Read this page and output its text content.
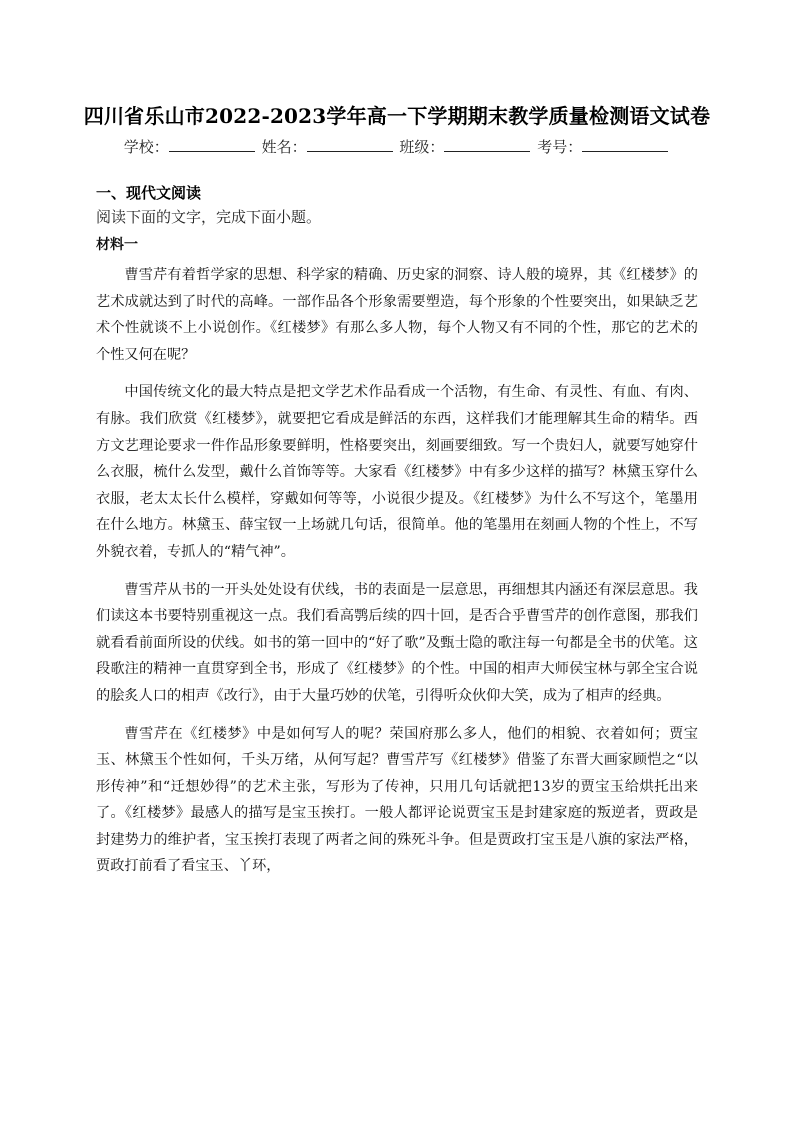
四川省乐山市2022-2023学年高一下学期期末教学质量检测语文试卷
学校：	姓名：	班级：	考号：
一、现代文阅读
阅读下面的文字，完成下面小题。
材料一

曹雪芹有着哲学家的思想、科学家的精确、历史家的洞察、诗人般的境界，其《红楼梦》的艺术成就达到了时代的高峰。一部作品各个形象需要塑造，每个形象的个性要突出，如果缺乏艺术个性就谈不上小说创作。《红楼梦》有那么多人物，每个人物又有不同的个性，那它的艺术的个性又何在呢？

中国传统文化的最大特点是把文学艺术作品看成一个活物，有生命、有灵性、有血、有肉、有脉。我们欣赏《红楼梦》，就要把它看成是鲜活的东西，这样我们才能理解其生命的精华。西方文艺理论要求一件作品形象要鲜明，性格要突出，刻画要细致。写一个贵妇人，就要写她穿什么衣服，梳什么发型，戴什么首饰等等。大家看《红楼梦》中有多少这样的描写？林黛玉穿什么衣服，老太太长什么模样，穿戴如何等等，小说很少提及。《红楼梦》为什么不写这个，笔墨用在什么地方。林黛玉、薛宝钗一上场就几句话，很简单。他的笔墨用在刻画人物的个性上，不写外貌衣着，专抓人的“精气神”。

曹雪芹从书的一开头处处设有伏线，书的表面是一层意思，再细想其内涵还有深层意思。我们读这本书要特别重视这一点。我们看高鹗后续的四十回，是否合乎曹雪芹的创作意图，那我们就看看前面所设的伏线。如书的第一回中的“好了歌”及甄士隐的歌注每一句都是全书的伏笔。这段歌注的精神一直贯穿到全书，形成了《红楼梦》的个性。中国的相声大师侯宝林与郭全宝合说的脍炙人口的相声《改行》，由于大量巧妙的伏笔，引得听众伙仰大笑，成为了相声的经典。

曹雪芹在《红楼梦》中是如何写人的呢？荣国府那么多人，他们的相貌、衣着如何；贾宝玉、林黛玉个性如何，千头万绪，从何写起？曹雪芹写《红楼梦》借鉴了东晋大画家顾恺之“以形传神”和“迁想妙得”的艺术主张，写形为了传神，只用几句话就把13岁的贾宝玉给烘托出来了。《红楼梦》最感人的描写是宝玉挨打。一般人都评论说贾宝玉是封建家庭的叛逆者，贾政是封建势力的维护者，宝玉挨打表现了两者之间的殊死斗争。但是贾政打宝玉是八旗的家法严格，贾政打前看了看宝玉、丫环，
